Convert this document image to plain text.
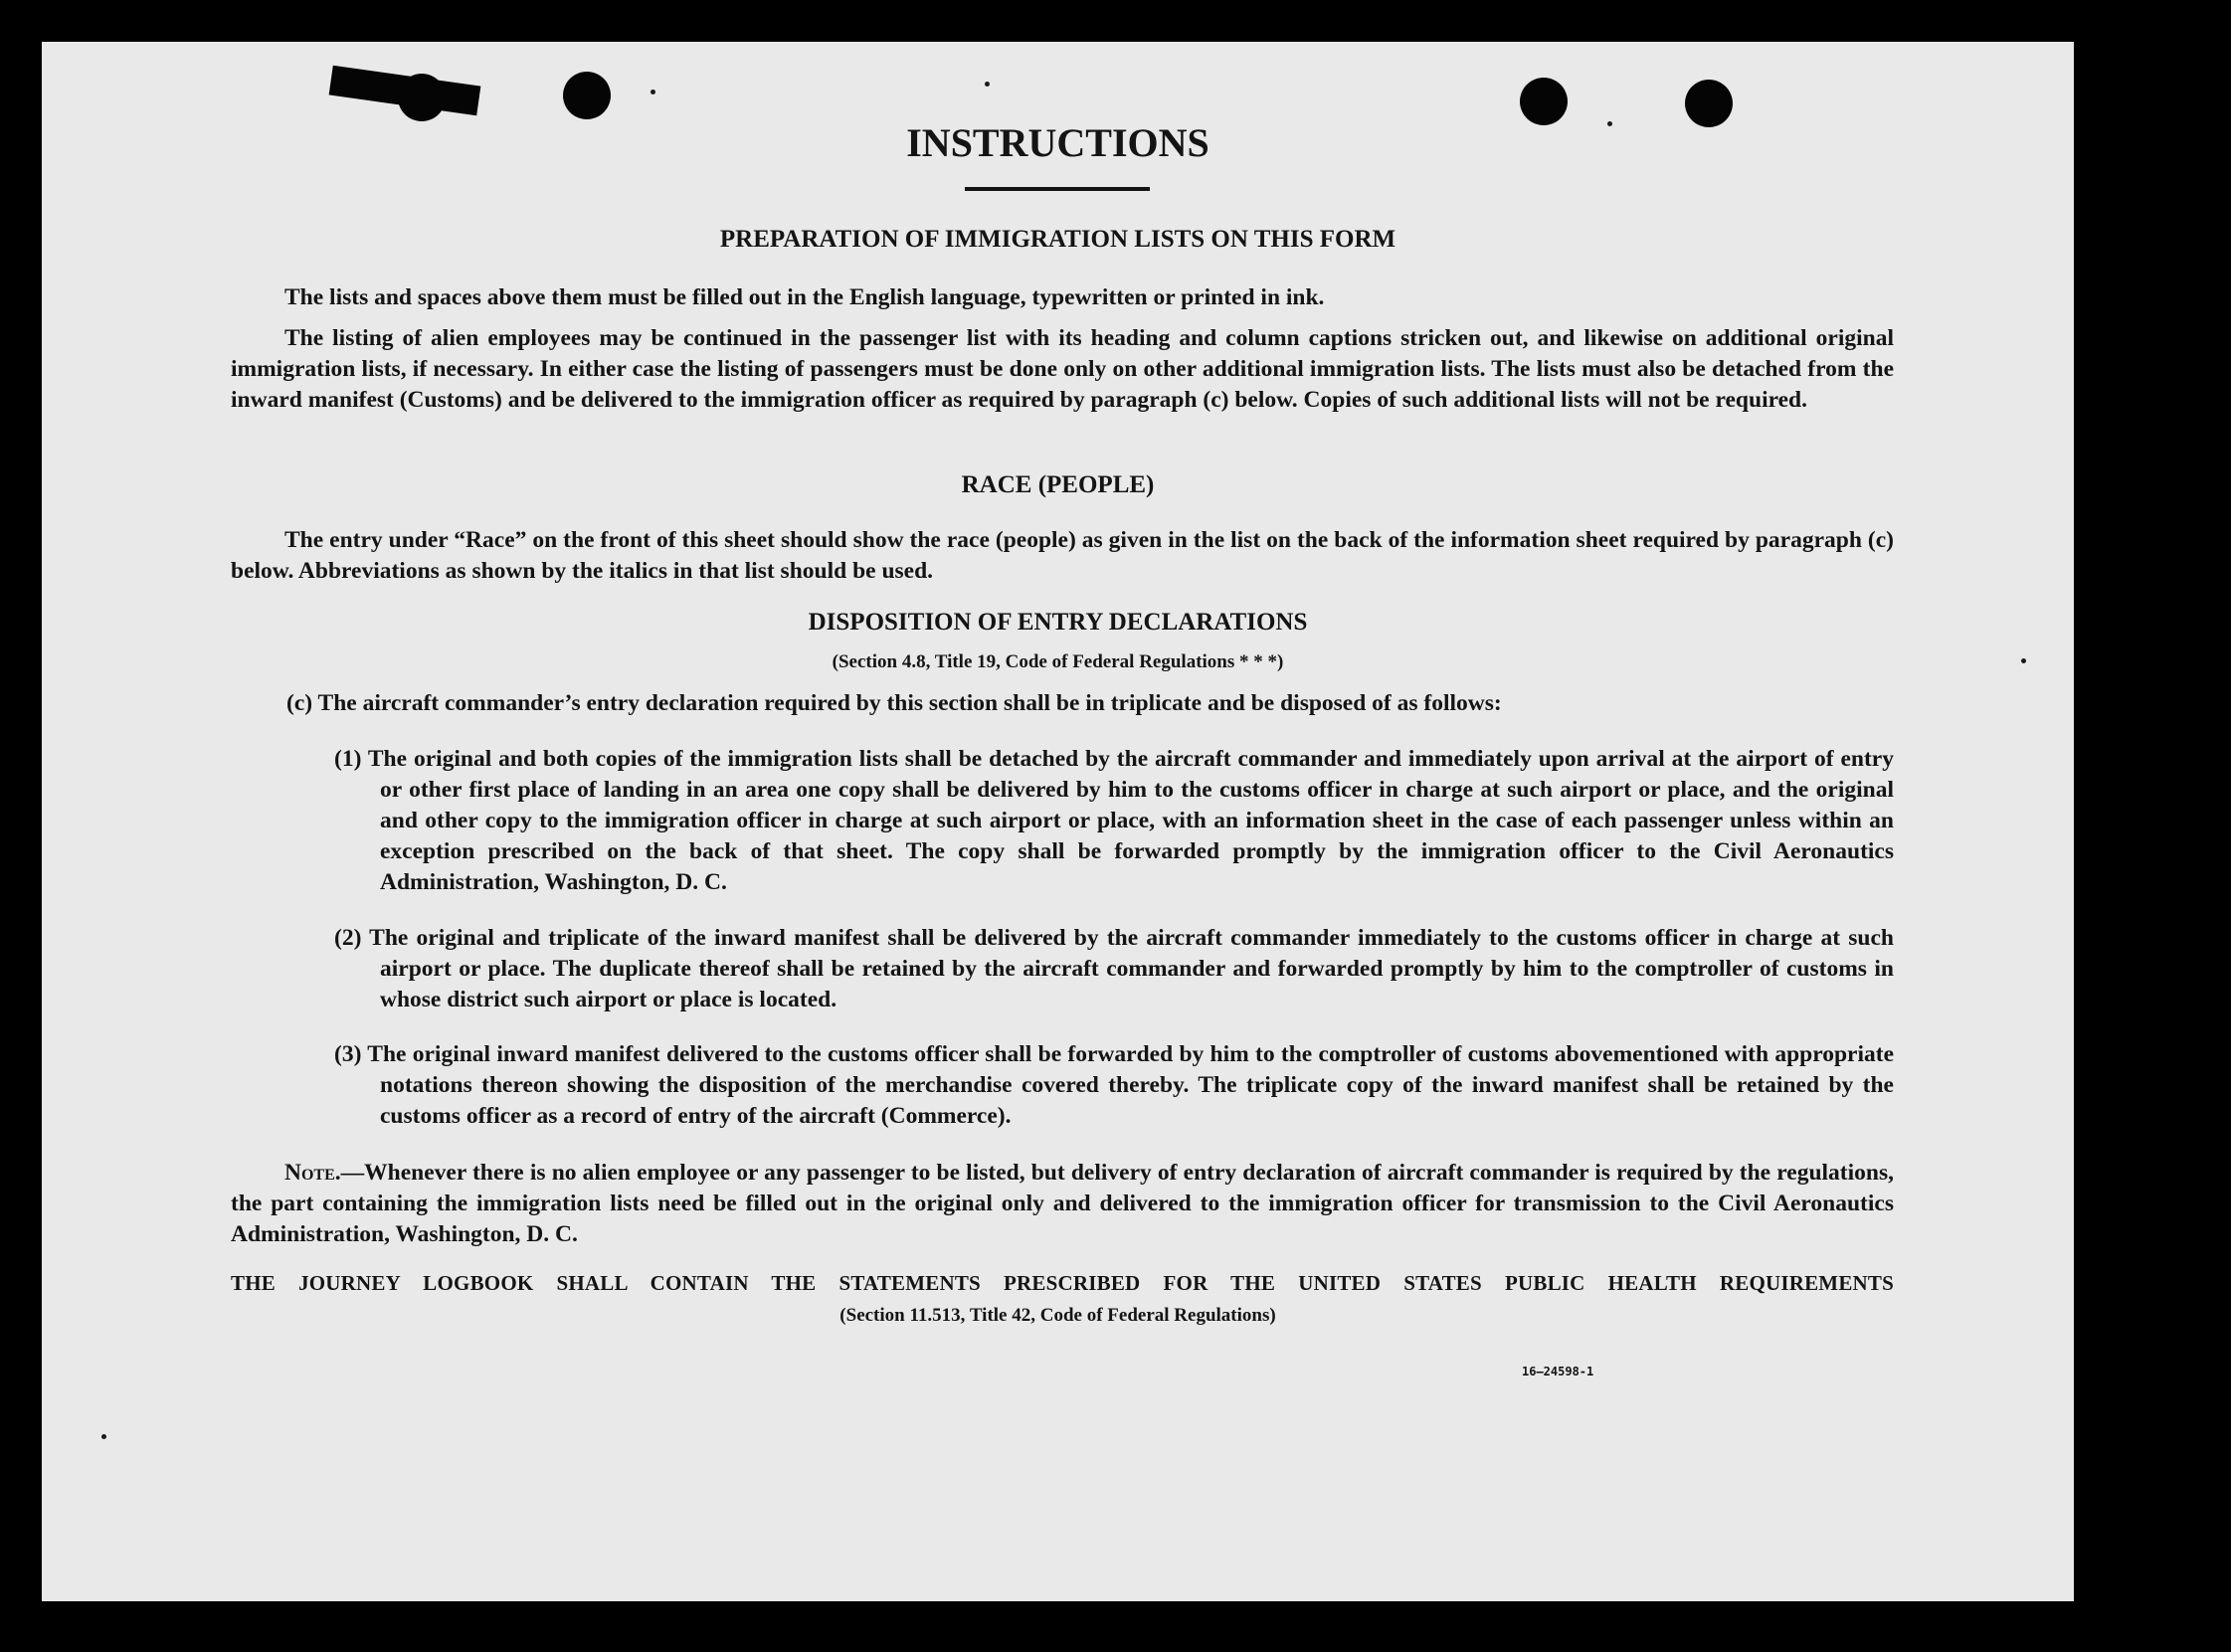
INSTRUCTIONS
PREPARATION OF IMMIGRATION LISTS ON THIS FORM
The lists and spaces above them must be filled out in the English language, typewritten or printed in ink.
The listing of alien employees may be continued in the passenger list with its heading and column captions stricken out, and likewise on additional original immigration lists, if necessary. In either case the listing of passengers must be done only on other additional immigration lists. The lists must also be detached from the inward manifest (Customs) and be delivered to the immigration officer as required by paragraph (c) below. Copies of such additional lists will not be required.
RACE (PEOPLE)
The entry under “Race” on the front of this sheet should show the race (people) as given in the list on the back of the information sheet required by paragraph (c) below. Abbreviations as shown by the italics in that list should be used.
DISPOSITION OF ENTRY DECLARATIONS
(Section 4.8, Title 19, Code of Federal Regulations * * *)
(c) The aircraft commander’s entry declaration required by this section shall be in triplicate and be disposed of as follows:
(1) The original and both copies of the immigration lists shall be detached by the aircraft commander and immediately upon arrival at the airport of entry or other first place of landing in an area one copy shall be delivered by him to the customs officer in charge at such airport or place, and the original and other copy to the immigration officer in charge at such airport or place, with an information sheet in the case of each passenger unless within an exception prescribed on the back of that sheet. The copy shall be forwarded promptly by the immigration officer to the Civil Aeronautics Administration, Washington, D. C.
(2) The original and triplicate of the inward manifest shall be delivered by the aircraft commander immediately to the customs officer in charge at such airport or place. The duplicate thereof shall be retained by the aircraft commander and forwarded promptly by him to the comptroller of customs in whose district such airport or place is located.
(3) The original inward manifest delivered to the customs officer shall be forwarded by him to the comptroller of customs abovementioned with appropriate notations thereon showing the disposition of the merchandise covered thereby. The triplicate copy of the inward manifest shall be retained by the customs officer as a record of entry of the aircraft (Commerce).
Note.—Whenever there is no alien employee or any passenger to be listed, but delivery of entry declaration of aircraft commander is required by the regulations, the part containing the immigration lists need be filled out in the original only and delivered to the immigration officer for transmission to the Civil Aeronautics Administration, Washington, D. C.
THE JOURNEY LOGBOOK SHALL CONTAIN THE STATEMENTS PRESCRIBED FOR THE UNITED STATES PUBLIC HEALTH REQUIREMENTS
(Section 11.513, Title 42, Code of Federal Regulations)
16—24598-1
